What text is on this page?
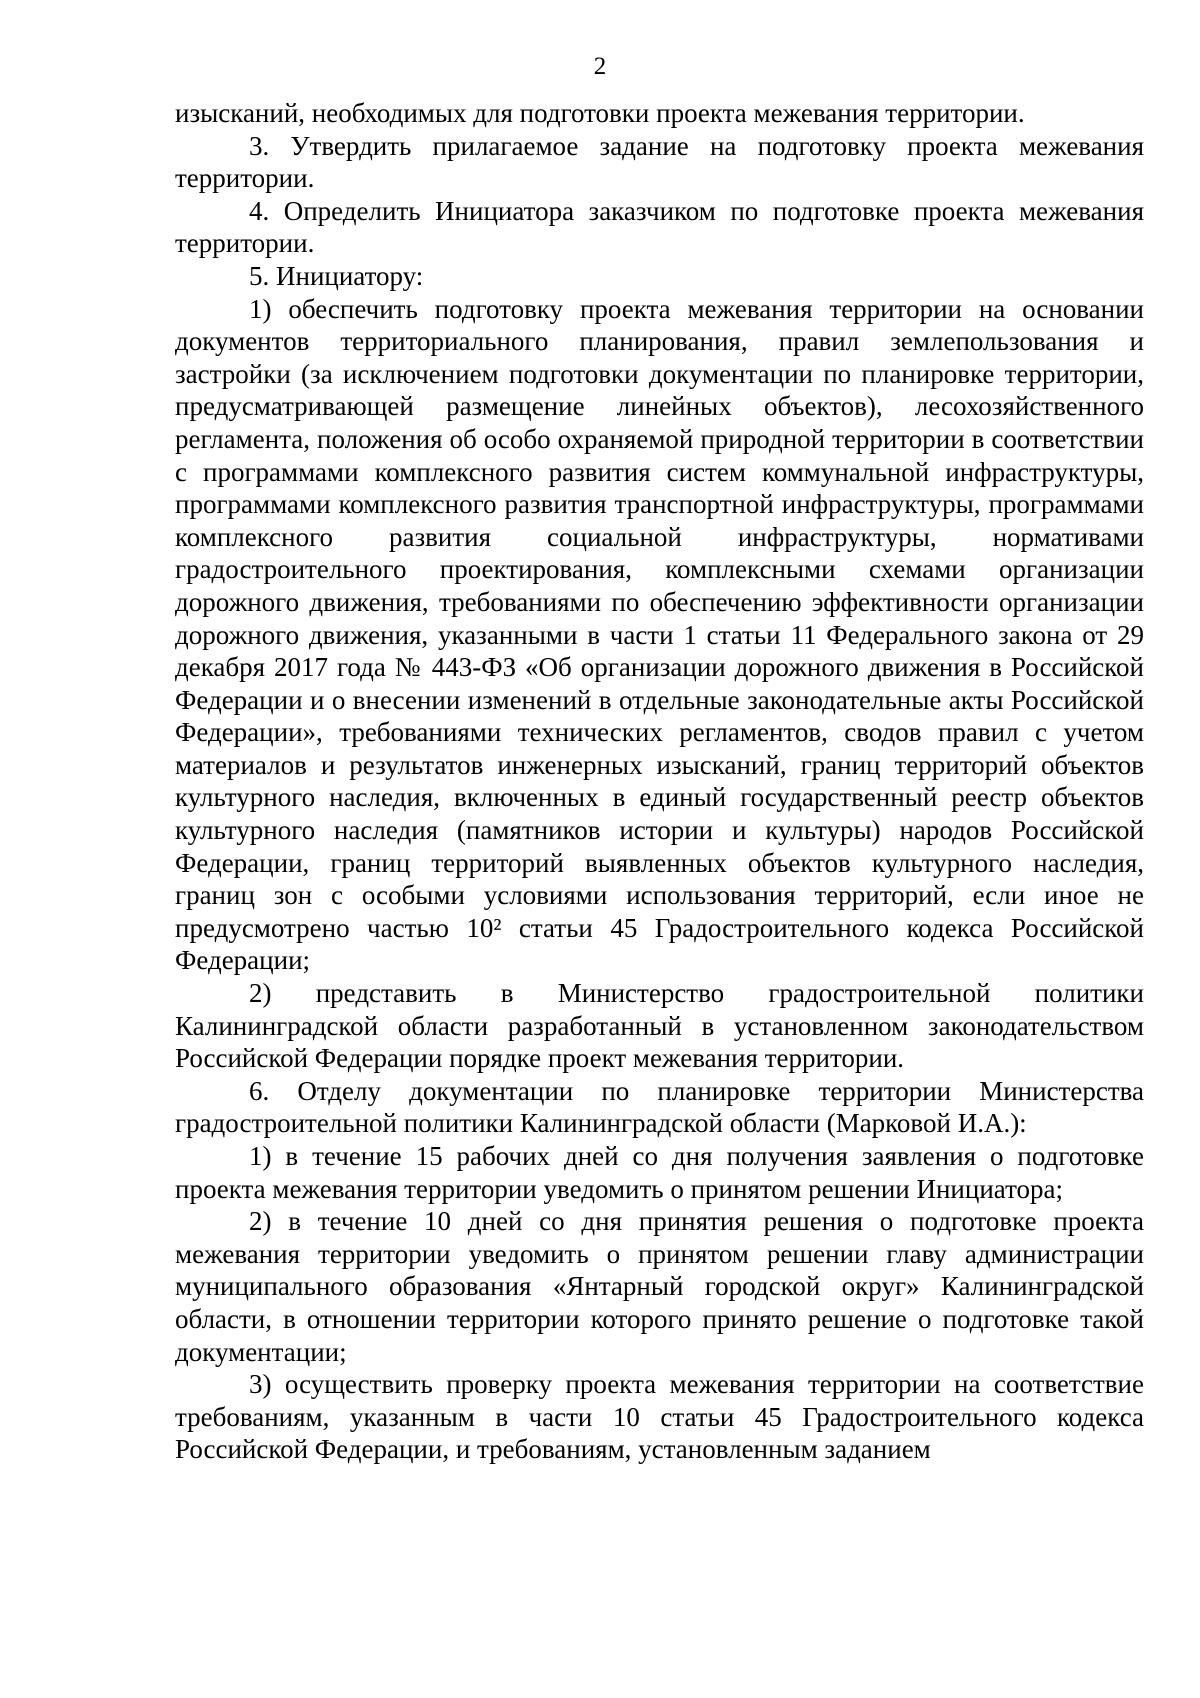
2

изысканий, необходимых для подготовки проекта межевания территории.

3. Утвердить прилагаемое задание на подготовку проекта межевания территории.

4. Определить Инициатора заказчиком по подготовке проекта межевания территории.

5. Инициатору:

1) обеспечить подготовку проекта межевания территории на основании документов территориального планирования, правил землепользования и застройки (за исключением подготовки документации по планировке территории, предусматривающей размещение линейных объектов), лесохозяйственного регламента, положения об особо охраняемой природной территории в соответствии с программами комплексного развития систем коммунальной инфраструктуры, программами комплексного развития транспортной инфраструктуры, программами комплексного развития социальной инфраструктуры, нормативами градостроительного проектирования, комплексными схемами организации дорожного движения, требованиями по обеспечению эффективности организации дорожного движения, указанными в части 1 статьи 11 Федерального закона от 29 декабря 2017 года № 443-ФЗ «Об организации дорожного движения в Российской Федерации и о внесении изменений в отдельные законодательные акты Российской Федерации», требованиями технических регламентов, сводов правил с учетом материалов и результатов инженерных изысканий, границ территорий объектов культурного наследия, включенных в единый государственный реестр объектов культурного наследия (памятников истории и культуры) народов Российской Федерации, границ территорий выявленных объектов культурного наследия, границ зон с особыми условиями использования территорий, если иное не предусмотрено частью 10² статьи 45 Градостроительного кодекса Российской Федерации;

2) представить в Министерство градостроительной политики Калининградской области разработанный в установленном законодательством Российской Федерации порядке проект межевания территории.

6. Отделу документации по планировке территории Министерства градостроительной политики Калининградской области (Марковой И.А.):

1) в течение 15 рабочих дней со дня получения заявления о подготовке проекта межевания территории уведомить о принятом решении Инициатора;

2) в течение 10 дней со дня принятия решения о подготовке проекта межевания территории уведомить о принятом решении главу администрации муниципального образования «Янтарный городской округ» Калининградской области, в отношении территории которого принято решение о подготовке такой документации;

3) осуществить проверку проекта межевания территории на соответствие требованиям, указанным в части 10 статьи 45 Градостроительного кодекса Российской Федерации, и требованиям, установленным заданием
